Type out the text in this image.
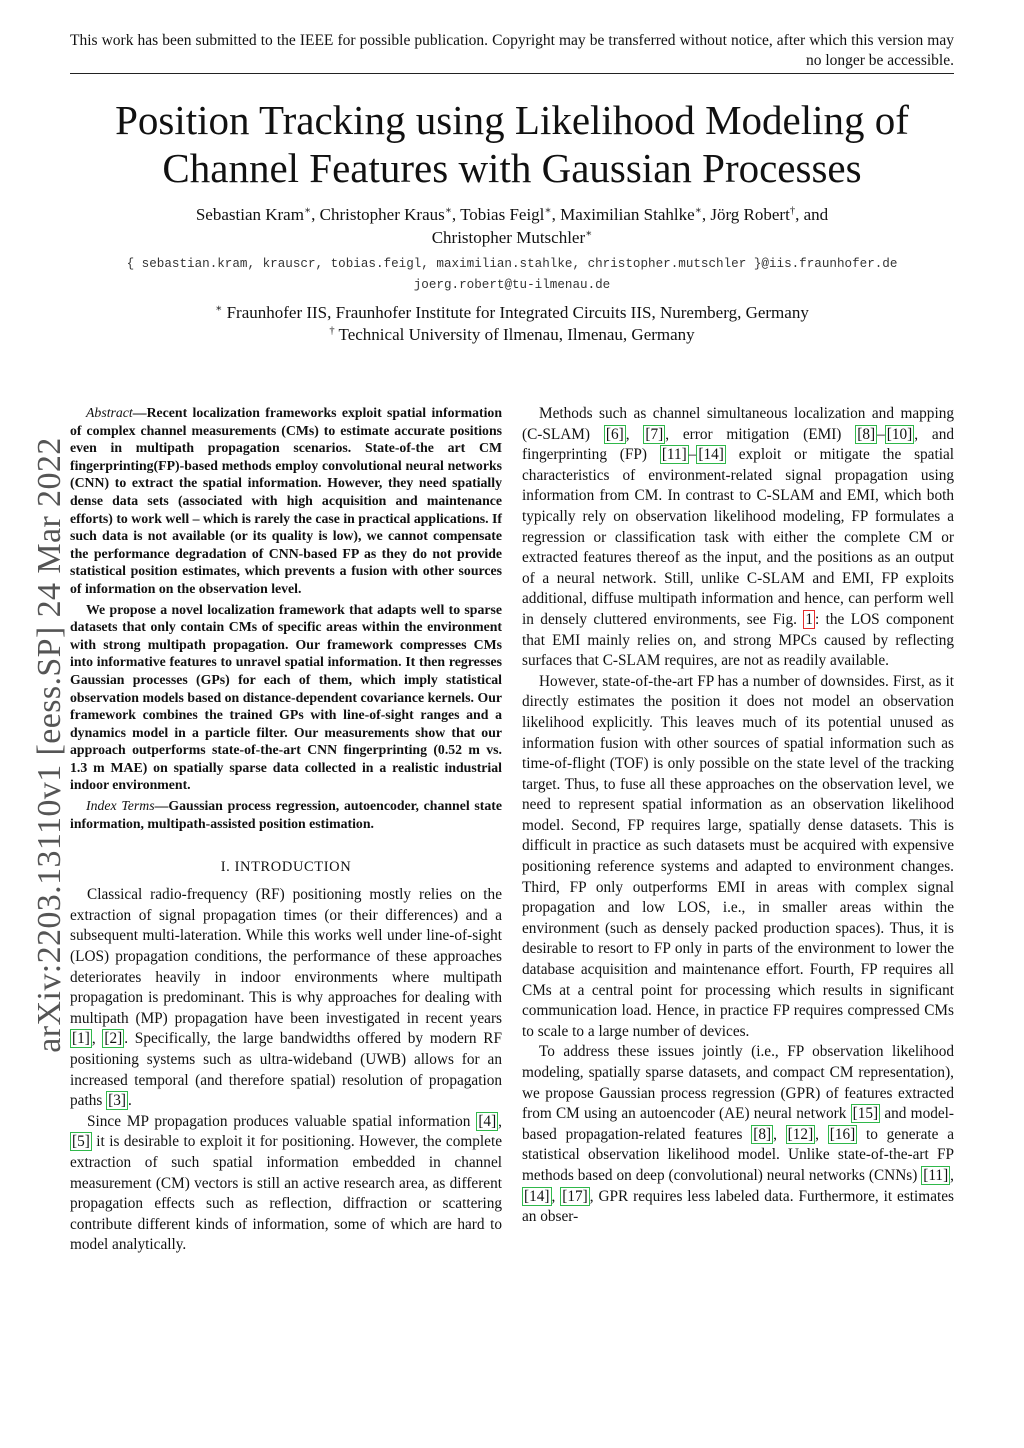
This work has been submitted to the IEEE for possible publication. Copyright may be transferred without notice, after which this version may no longer be accessible.
Position Tracking using Likelihood Modeling of
Channel Features with Gaussian Processes
Sebastian Kram∗, Christopher Kraus∗, Tobias Feigl∗, Maximilian Stahlke∗, Jörg Robert†, and
Christopher Mutschler∗
{ sebastian.kram, krauscr, tobias.feigl, maximilian.stahlke, christopher.mutschler }@iis.fraunhofer.de
joerg.robert@tu-ilmenau.de
∗ Fraunhofer IIS, Fraunhofer Institute for Integrated Circuits IIS, Nuremberg, Germany
† Technical University of Ilmenau, Ilmenau, Germany
arXiv:2203.13110v1 [eess.SP] 24 Mar 2022

Abstract—Recent localization frameworks exploit spatial information of complex channel measurements (CMs) to estimate accurate positions even in multipath propagation scenarios. State-of-the art CM fingerprinting(FP)-based methods employ convolutional neural networks (CNN) to extract the spatial information. However, they need spatially dense data sets (associated with high acquisition and maintenance efforts) to work well – which is rarely the case in practical applications. If such data is not available (or its quality is low), we cannot compensate the performance degradation of CNN-based FP as they do not provide statistical position estimates, which prevents a fusion with other sources of information on the observation level.

We propose a novel localization framework that adapts well to sparse datasets that only contain CMs of specific areas within the environment with strong multipath propagation. Our framework compresses CMs into informative features to unravel spatial information. It then regresses Gaussian processes (GPs) for each of them, which imply statistical observation models based on distance-dependent covariance kernels. Our framework combines the trained GPs with line-of-sight ranges and a dynamics model in a particle filter. Our measurements show that our approach outperforms state-of-the-art CNN fingerprinting (0.52 m vs. 1.3 m MAE) on spatially sparse data collected in a realistic industrial indoor environment.

Index Terms—Gaussian process regression, autoencoder, channel state information, multipath-assisted position estimation.

I. INTRODUCTION

Classical radio-frequency (RF) positioning mostly relies on the extraction of signal propagation times (or their differences) and a subsequent multi-lateration. While this works well under line-of-sight (LOS) propagation conditions, the performance of these approaches deteriorates heavily in indoor environments where multipath propagation is predominant. This is why approaches for dealing with multipath (MP) propagation have been investigated in recent years [1] , [2] . Specifically, the large bandwidths offered by modern RF positioning systems such as ultra-wideband (UWB) allows for an increased temporal (and therefore spatial) resolution of propagation paths [3] .

Since MP propagation produces valuable spatial information [4] , [5] it is desirable to exploit it for positioning. However, the complete extraction of such spatial information embedded in channel measurement (CM) vectors is still an active research area, as different propagation effects such as reflection, diffraction or scattering contribute different kinds of information, some of which are hard to model analytically.

Methods such as channel simultaneous localization and mapping (C-SLAM) [6] , [7] , error mitigation (EMI) [8] – [10] , and fingerprinting (FP) [11] – [14] exploit or mitigate the spatial characteristics of environment-related signal propagation using information from CM. In contrast to C-SLAM and EMI, which both typically rely on observation likelihood modeling, FP formulates a regression or classification task with either the complete CM or extracted features thereof as the input, and the positions as an output of a neural network. Still, unlike C-SLAM and EMI, FP exploits additional, diffuse multipath information and hence, can perform well in densely cluttered environments, see Fig. 1 : the LOS component that EMI mainly relies on, and strong MPCs caused by reflecting surfaces that C-SLAM requires, are not as readily available.

However, state-of-the-art FP has a number of downsides. First, as it directly estimates the position it does not model an observation likelihood explicitly. This leaves much of its potential unused as information fusion with other sources of spatial information such as time-of-flight (TOF) is only possible on the state level of the tracking target. Thus, to fuse all these approaches on the observation level, we need to represent spatial information as an observation likelihood model. Second, FP requires large, spatially dense datasets. This is difficult in practice as such datasets must be acquired with expensive positioning reference systems and adapted to environment changes. Third, FP only outperforms EMI in areas with complex signal propagation and low LOS, i.e., in smaller areas within the environment (such as densely packed production spaces). Thus, it is desirable to resort to FP only in parts of the environment to lower the database acquisition and maintenance effort. Fourth, FP requires all CMs at a central point for processing which results in significant communication load. Hence, in practice FP requires compressed CMs to scale to a large number of devices.

To address these issues jointly (i.e., FP observation likelihood modeling, spatially sparse datasets, and compact CM representation), we propose Gaussian process regression (GPR) of features extracted from CM using an autoencoder (AE) neural network [15] and model-based propagation-related features [8] , [12] , [16] to generate a statistical observation likelihood model. Unlike state-of-the-art FP methods based on deep (convolutional) neural networks (CNNs) [11] , [14] , [17] , GPR requires less labeled data. Furthermore, it estimates an obser-
